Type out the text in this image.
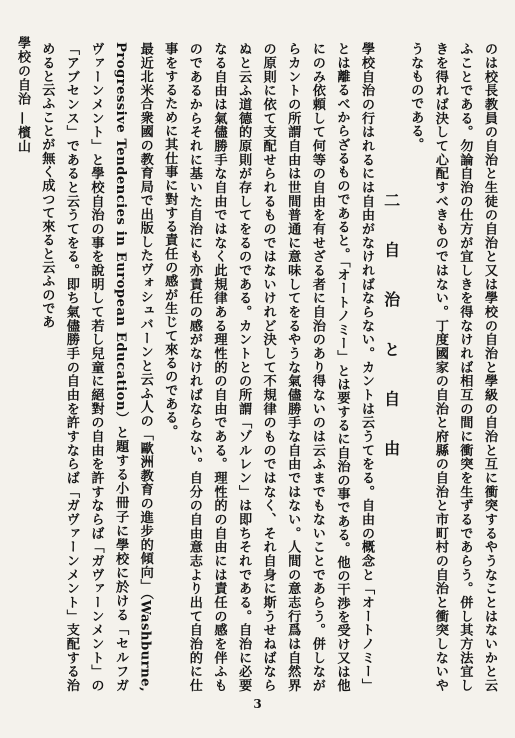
學校の自治 —檳山	のは校長教員の自治と生徒の自治と又は學校の自治と學級の自治と互に衝突するやうなことはないかと云ふことである。勿論自治の仕方が宜しきを得なければ相互の間に衝突を生ずるであらう。併し其方法宜しきを得れば決して心配すべきものではない。丁度國家の自治と府縣の自治と市町村の自治と衝突しないやうなものである。

二 自 治 と 自 由

學校自治の行はれるには自由がなければならない。カントは云うてをる。自由の概念と「オートノミー」とは離るべからざるものであると。「オートノミー」とは要するに自治の事である。他の干渉を受け又は他にのみ依頼して何等の自由を有せざる者に自治のあり得ないのは云ふまでもないことであらう。併しながらカントの所謂自由は世間普通に意味してをるやうな氣儘勝手な自由ではない。人間の意志行爲は自然界の原則に依て支配せられるものではないけれど決して不規律のものではなく、それ自身に斯うせねばならぬと云ふ道德的原則が存してをるのである。カントとの所謂「ゾルレン」は即ちそれである。自治に必要なる自由は氣儘勝手な自由ではなく此規律ある理性的の自由である。理性的の自由には責任の感を伴ふものであるからそれに基いた自治にも亦責任の感がなければならない。自分の自由意志より出て自治的に仕事をするために其仕事に對する責任の感が生じて來るのである。

最近北米合衆國の教育局で出版したヴォシュバーンと云ふ人の「歐洲教育の進步的傾向」（Washburne, Progressive Tendencies in European Education）と題する小冊子に學校に於ける「セルフガヴァーンメント」と學校自治の事を說明して若し兒童に絕對の自由を許すならば「ガヴァーンメント」の「アブセンス」であると云うてをる。即ち氣儘勝手の自由を許すならば「ガヴァーンメント」支配する治めると云ふことが無く成つて來ると云ふのであ

3
